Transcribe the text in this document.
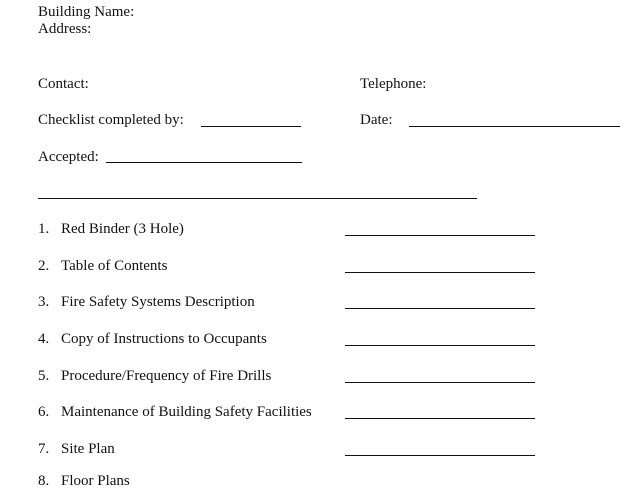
Building Name:
Address:
Contact:	Telephone:
Checklist completed by:	Date:
Accepted:
1. Red Binder (3 Hole)
2. Table of Contents
3. Fire Safety Systems Description
4. Copy of Instructions to Occupants
5. Procedure/Frequency of Fire Drills
6. Maintenance of Building Safety Facilities
7. Site Plan
8. Floor Plans
